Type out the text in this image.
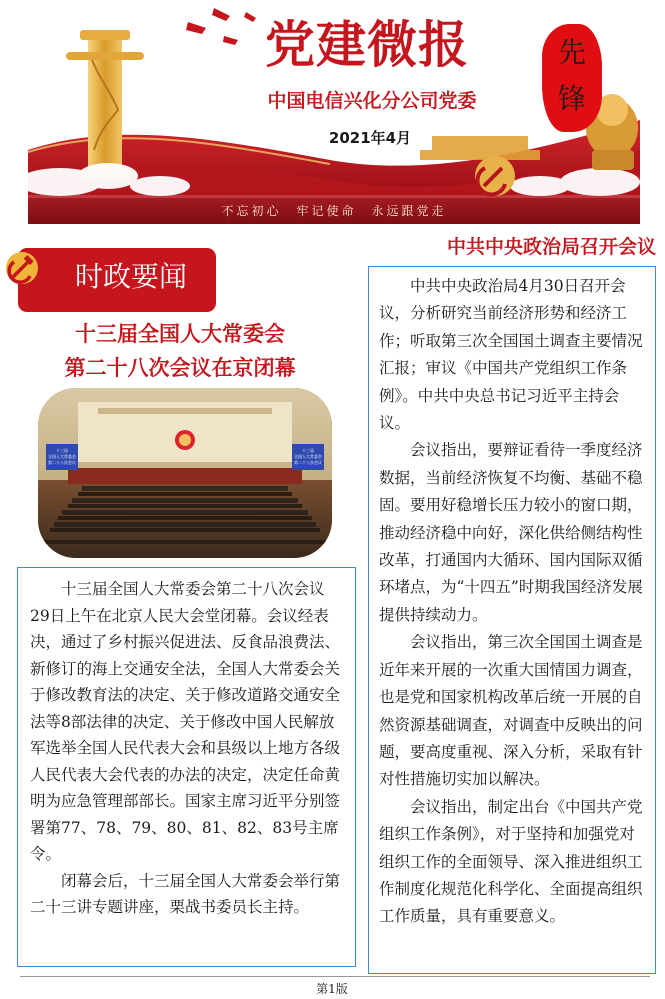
党建微报
中国电信兴化分公司党委
2021年4月
先
锋
不忘初心　牢记使命　永远跟党走
时政要闻
十三届全国人大常委会
第二十八次会议在京闭幕
十三届
全国人大常委会
第二十八次会议
十三届
全国人大常委会
第二十八次会议

十三届全国人大常委会第二十八次会议29日上午在北京人民大会堂闭幕。会议经表决，通过了乡村振兴促进法、反食品浪费法、新修订的海上交通安全法，全国人大常委会关于修改教育法的决定、关于修改道路交通安全法等8部法律的决定、关于修改中国人民解放军选举全国人民代表大会和县级以上地方各级人民代表大会代表的办法的决定，决定任命黄明为应急管理部部长。国家主席习近平分别签署第77、78、79、80、81、82、83号主席令。

闭幕会后，十三届全国人大常委会举行第二十三讲专题讲座，栗战书委员长主持。

中共中央政治局召开会议

中共中央政治局4月30日召开会议，分析研究当前经济形势和经济工作；听取第三次全国国土调查主要情况汇报；审议《中国共产党组织工作条例》。中共中央总书记习近平主持会议。

会议指出，要辩证看待一季度经济数据，当前经济恢复不均衡、基础不稳固。要用好稳增长压力较小的窗口期，推动经济稳中向好，深化供给侧结构性改革，打通国内大循环、国内国际双循环堵点，为“十四五”时期我国经济发展提供持续动力。

会议指出，第三次全国国土调查是近年来开展的一次重大国情国力调查，也是党和国家机构改革后统一开展的自然资源基础调查，对调查中反映出的问题，要高度重视、深入分析，采取有针对性措施切实加以解决。

会议指出，制定出台《中国共产党组织工作条例》，对于坚持和加强党对组织工作的全面领导、深入推进组织工作制度化规范化科学化、全面提高组织工作质量，具有重要意义。

第1版
